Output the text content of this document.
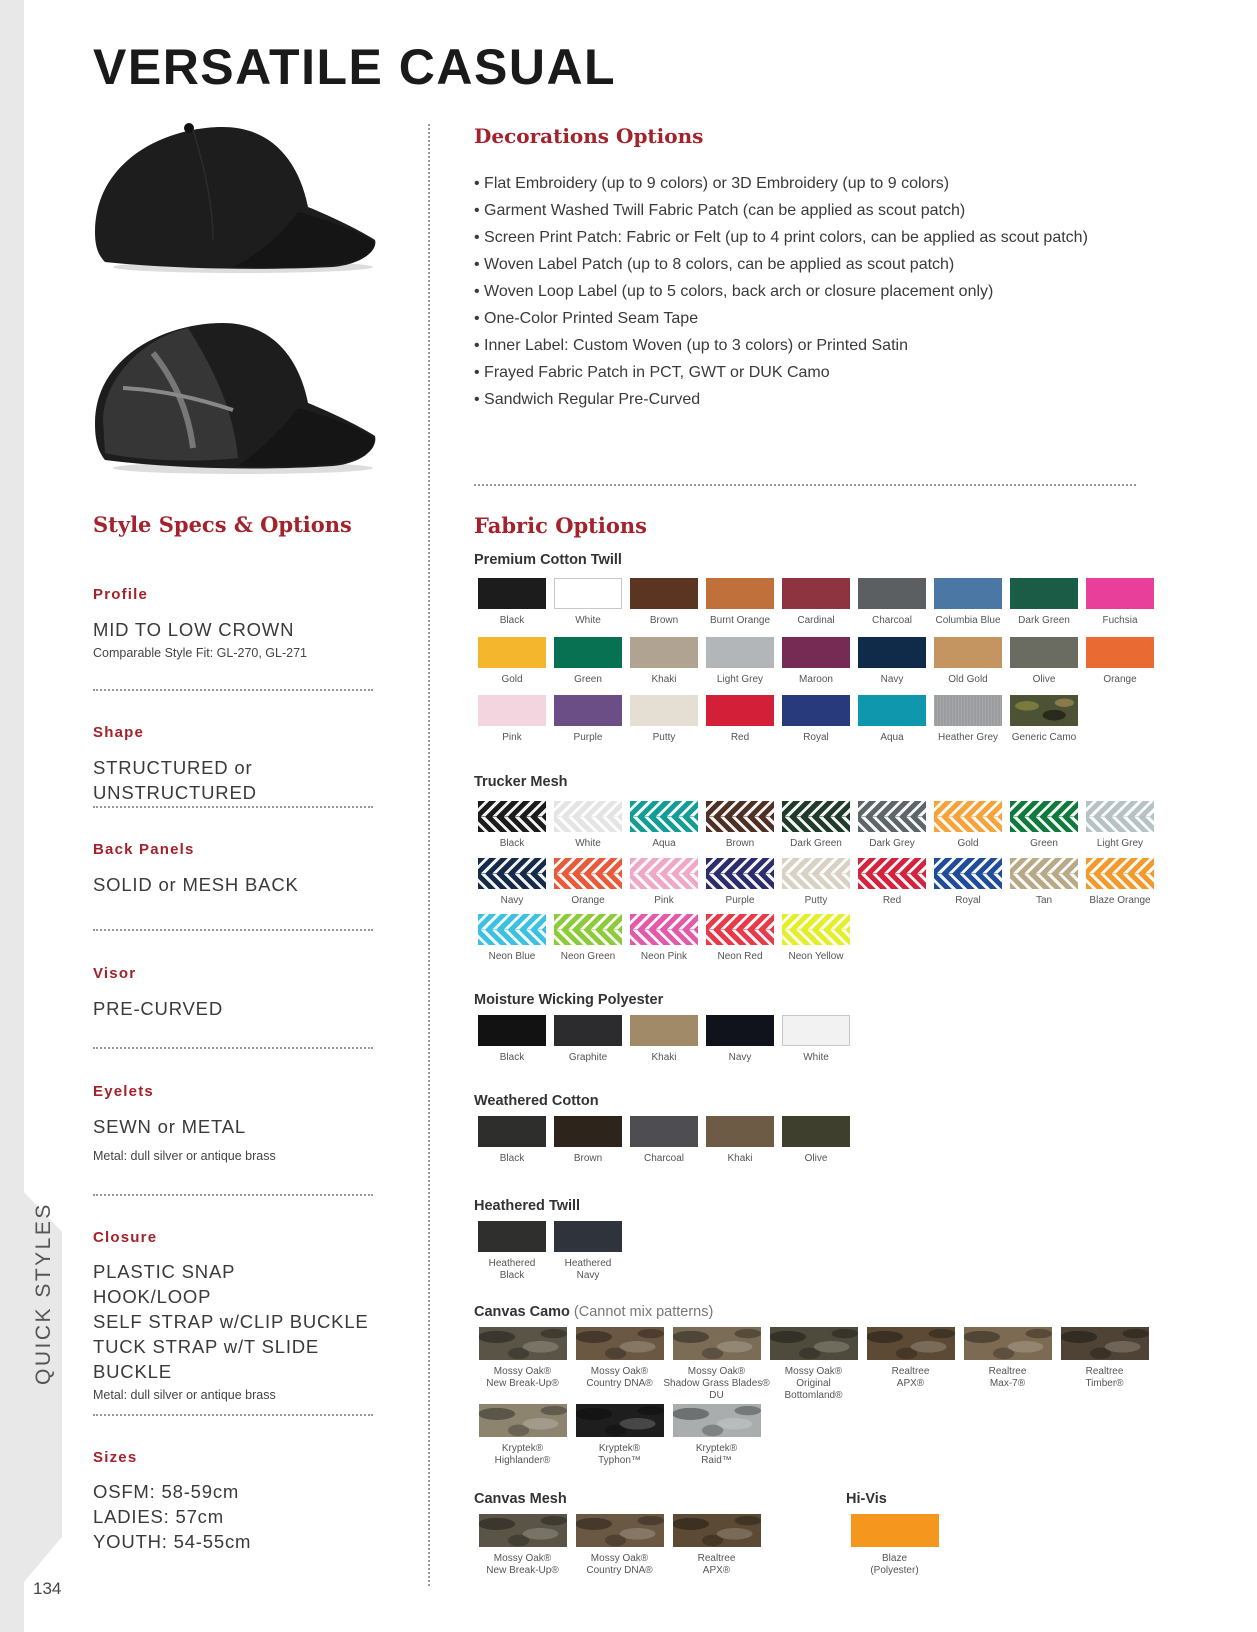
QUICK STYLES
134
VERSATILE CASUAL
Style Specs & Options

Profile

MID TO LOW CROWN

Comparable Style Fit: GL-270, GL-271

Shape

STRUCTURED or UNSTRUCTURED

Back Panels

SOLID or MESH BACK

Visor

PRE-CURVED

Eyelets

SEWN or METAL

Metal: dull silver or antique brass

Closure

PLASTIC SNAP
HOOK/LOOP
SELF STRAP w/CLIP BUCKLE
TUCK STRAP w/T SLIDE BUCKLE

Metal: dull silver or antique brass

Sizes

OSFM: 58-59cm
LADIES: 57cm
YOUTH: 54-55cm

Decorations Options
• Flat Embroidery (up to 9 colors) or 3D Embroidery (up to 9 colors)
• Garment Washed Twill Fabric Patch (can be applied as scout patch)
• Screen Print Patch: Fabric or Felt (up to 4 print colors, can be applied as scout patch)
• Woven Label Patch (up to 8 colors, can be applied as scout patch)
• Woven Loop Label (up to 5 colors, back arch or closure placement only)
• One-Color Printed Seam Tape
• Inner Label: Custom Woven (up to 3 colors) or Printed Satin
• Frayed Fabric Patch in PCT, GWT or DUK Camo
• Sandwich Regular Pre-Curved
Fabric Options

Premium Cotton Twill

Black	White	Brown	Burnt Orange	Cardinal	Charcoal Columbia Blue Dark Green	Fuchsia
Gold	Green	Khaki	Light Grey	Maroon	Navy	Old Gold	Olive	Orange
Pink	Purple	Putty	Red	Royal	Aqua	Heather Grey Generic Camo

Trucker Mesh

Black	White	Aqua	Brown	Dark Green	Dark Grey	Gold	Green	Light Grey
Navy	Orange	Pink	Purple	Putty	Red	Royal	Tan	Blaze Orange
Neon Blue	Neon Green	Neon Pink	Neon Red	Neon Yellow

Moisture Wicking Polyester

Black	Graphite	Khaki	Navy	White

Weathered Cotton

Black	Brown	Charcoal	Khaki	Olive

Heathered Twill

Heathered
Black
Heathered
Navy

Canvas Camo (Cannot mix patterns)

Mossy Oak®
New Break-Up®
Mossy Oak®
Country DNA®
Mossy Oak®
Shadow Grass Blades®
DU
Mossy Oak®
Original
Bottomland®
Realtree
APX®
Realtree
Max-7®
Realtree
Timber®
Kryptek®
Highlander®
Kryptek®
Typhon™
Kryptek®
Raid™

Canvas Mesh

Mossy Oak®
New Break-Up®
Mossy Oak®
Country DNA®
Realtree
APX®

Hi-Vis

Blaze
(Polyester)
